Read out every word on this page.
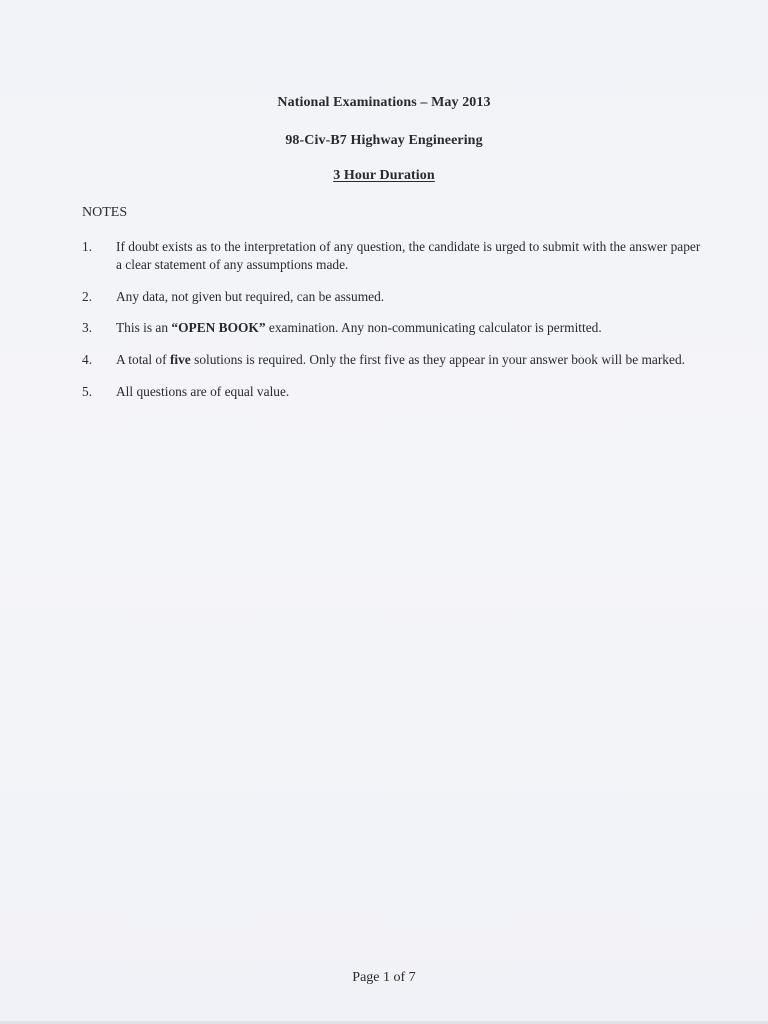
National Examinations – May 2013
98-Civ-B7 Highway Engineering
3 Hour Duration
NOTES
1.	If doubt exists as to the interpretation of any question, the candidate is urged to submit with the answer paper a clear statement of any assumptions made.
2.	Any data, not given but required, can be assumed.
3.	This is an “OPEN BOOK” examination. Any non-communicating calculator is permitted.
4.	A total of five solutions is required. Only the first five as they appear in your answer book will be marked.
5.	All questions are of equal value.
Page 1 of 7
